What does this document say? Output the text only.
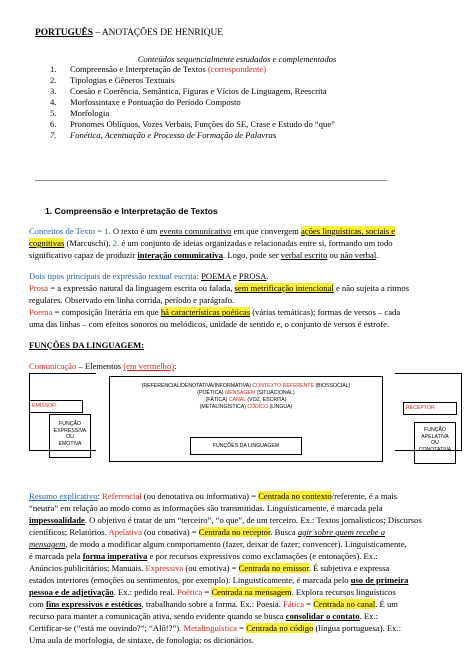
PORTUGUÊS – ANOTAÇÕES DE HENRIQUE
Conteúdos sequencialmente estudados e complementados
1. Compreensão e Interpretação de Textos (correspondente)
2. Tipologias e Gêneros Textuais
3. Coesão e Coerência, Semântica, Figuras e Vícios de Linguagem, Reescrita
4. Morfossintaxe e Pontuação do Período Composto
5. Morfologia
6. Pronomes Oblíquos, Vozes Verbais, Funções do SE, Crase e Estudo do “que”
7. Fonética, Acentuação e Processo de Formação de Palavras
1. Compreensão e Interpretação de Textos
Conceitos de Texto = 1. O texto é um evento comunicativo em que convergem ações linguísticas, sociais e
cognitivas (Marcuschi). 2. é um conjunto de ideias organizadas e relacionadas entre si, formando um todo
significativo capaz de produzir interação comunicativa. Logo, pode ser verbal escrito ou não verbal.
Dois tipos principais de expressão textual escrita: POEMA e PROSA.
Prosa = a expressão natural da linguagem escrita ou falada, sem metrificação intencional e não sujeita a ritmos
regulares. Observado em linha corrida, período e parágrafo.
Poema = composição literária em que há características poéticas (várias temáticas); formas de versos – cada
uma das linhas – com efeitos sonoros ou melódicos, unidade de sentido e, o conjunto de versos é estrofe.
FUNÇÕES DA LINGUAGEM:
Comunicação – Elementos (em vermelho):
(REFERENCIAL/DENOTATIVA/INFORMATIVA) CONTEXTO REFERENTE (BIOSSOCIAL)
(POÉTICA) MENSAGEM (SITUACIONAL)
(FÁTICA) CANAL (VOZ, ESCRITA)
(METALINGÍSTICA) CÓDICO (LÍNGUA)
FUNÇÕES DA LINGUAGEM
EMISSOR	RECEPTOR
FUNÇÃO
EXPRESSIVA
OU
EMOTIVA
FUNÇÃO
APELATIVA
OU
CONOTATIVA
Resumo explicativo: Referencial (ou denotativa ou informativa) = Centrada no contexto/referente, é a mais
“neutra” em relação ao modo como as informações são transmitidas. Linguisticamente, é marcada pela
impessoalidade. O objetivo é tratar de um “terceiro”, “o que”, de um terceiro. Ex.: Textos jornalísticos; Discursos
científicos; Relatórios. Apelativa (ou conativa) = Centrada no receptor. Busca agir sobre quem recebe a
mensagem, de modo a modificar algum comportamento (fazer, deixar de fazer; convencer). Linguisticamente,
é marcada pela forma imperativa e por recursos expressivos como exclamações (e entonações). Ex.:
Anúncios publicitários; Manuais. Expressiva (ou emotiva) = Centrada no emissor. É subjetiva e expressa
estados interiores (emoções ou sentimentos, por exemplo). Linguisticamente, é marcada pelo uso de primeira
pessoa e de adjetivação. Ex.: pedido real. Poética = Centrada na mensagem. Explora recursos linguísticos
com fins expressivos e estéticos, trabalhando sobre a forma. Ex.: Poesia. Fática = Centrada no canal. É um
recurso para manter a comunicação ativa, sendo evidente quando se busca consolidar o contato. Ex.:
Certificar-se (“está me ouvindo?”; “Alô!?”). Metalinguística = Centrada no código (língua portuguesa). Ex.:
Uma aula de morfologia, de sintaxe, de fonologia; os dicionários.
